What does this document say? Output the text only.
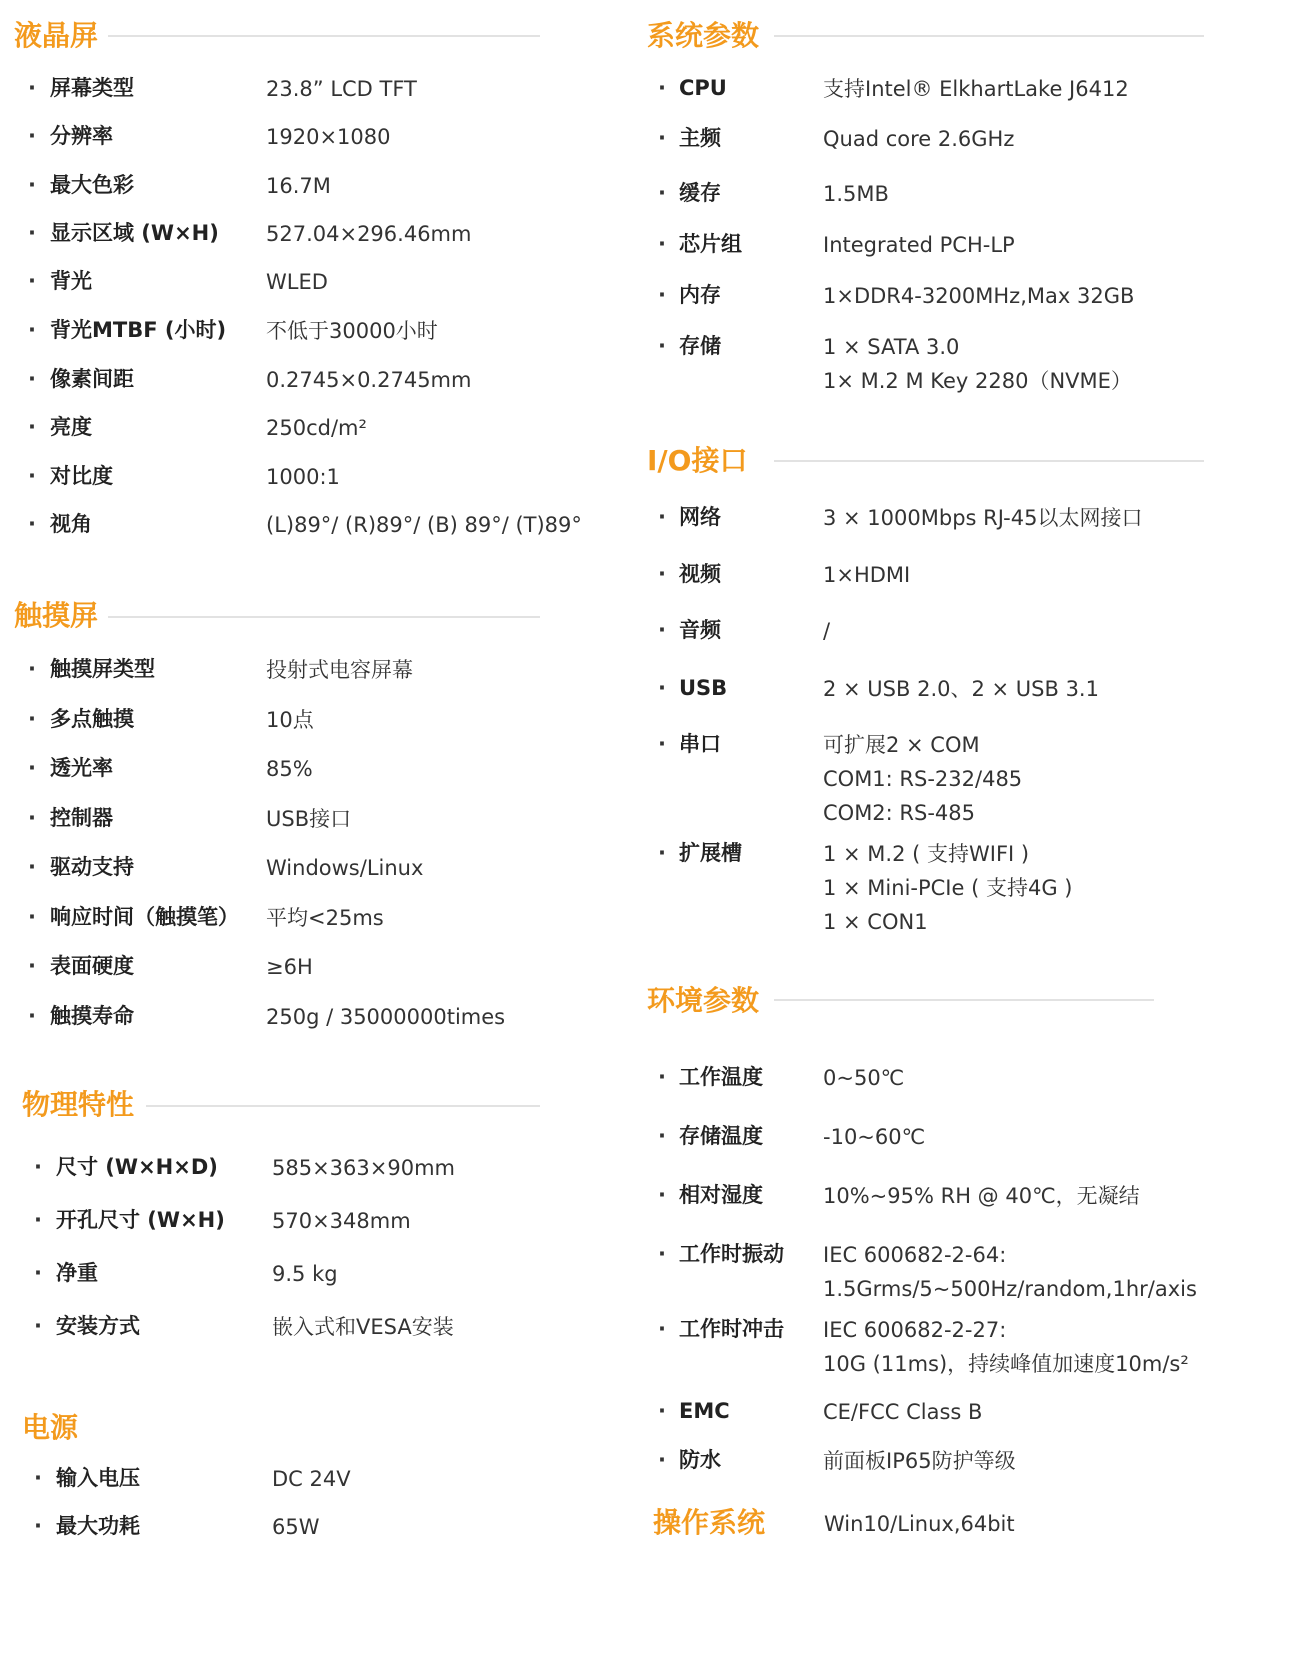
液晶屏
· 屏幕类型	23.8” LCD TFT
· 分辨率	1920×1080
· 最大色彩	16.7M
· 显示区域 (W×H) 527.04×296.46mm
· 背光	WLED
· 背光MTBF (小时) 不低于30000小时
· 像素间距	0.2745×0.2745mm
· 亮度	250cd/m²
· 对比度	1000:1
· 视角	(L)89°/ (R)89°/ (B) 89°/ (T)89°
触摸屏
· 触摸屏类型	投射式电容屏幕
· 多点触摸	10点
· 透光率	85%
· 控制器	USB接口
· 驱动支持	Windows/Linux
· 响应时间（触摸笔） 平均<25ms
· 表面硬度	≥6H
· 触摸寿命	250g / 35000000times
物理特性
· 尺寸 (W×H×D)	585×363×90mm
· 开孔尺寸 (W×H) 570×348mm
· 净重	9.5 kg
· 安装方式	嵌入式和VESA安装
电源
· 输入电压	DC 24V
· 最大功耗	65W
系统参数
· CPU	支持Intel® ElkhartLake J6412
· 主频	Quad core 2.6GHz
· 缓存	1.5MB
· 芯片组	Integrated PCH-LP
· 内存	1×DDR4-3200MHz,Max 32GB
· 存储	1 × SATA 3.0
1× M.2 M Key 2280（NVME）
I/O接口
· 网络	3 × 1000Mbps RJ-45以太网接口
· 视频	1×HDMI
· 音频	/
· USB	2 × USB 2.0、2 × USB 3.1
· 串口	可扩展2 × COM
COM1: RS-232/485
COM2: RS-485
· 扩展槽	1 × M.2 ( 支持WIFI )
1 × Mini-PCIe ( 支持4G )
1 × CON1
环境参数
· 工作温度	0~50℃
· 存储温度	-10~60℃
· 相对湿度	10%~95% RH @ 40℃，无凝结
· 工作时振动 IEC 600682-2-64:
1.5Grms/5~500Hz/random,1hr/axis
· 工作时冲击 IEC 600682-2-27:
10G (11ms)，持续峰值加速度10m/s²
· EMC	CE/FCC Class B
· 防水	前面板IP65防护等级
操作系统	Win10/Linux,64bit
